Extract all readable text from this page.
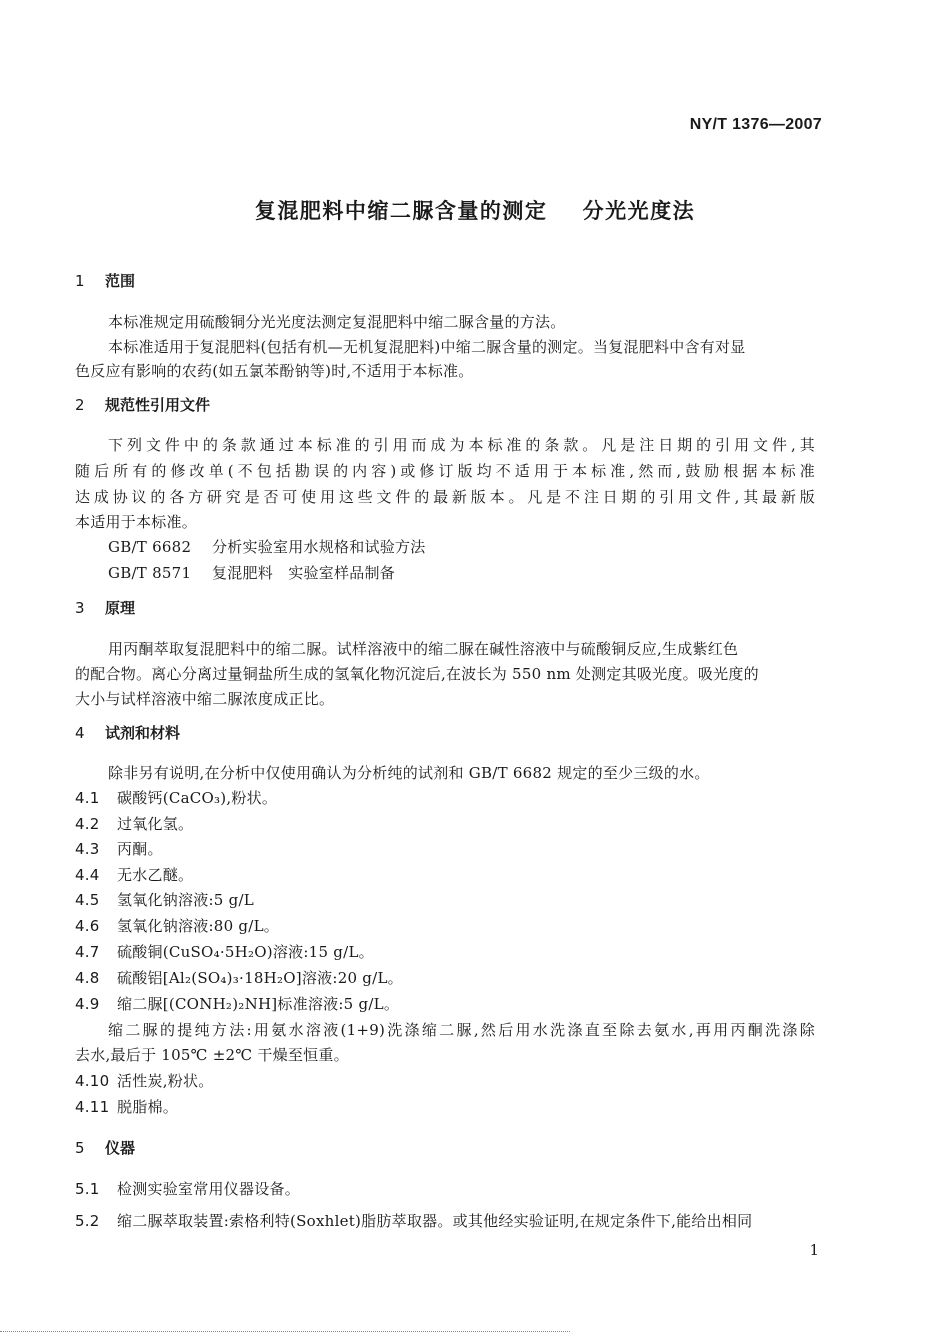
NY/T 1376—2007
复混肥料中缩二脲含量的测定    分光光度法
1 范围
本标准规定用硫酸铜分光光度法测定复混肥料中缩二脲含量的方法。
本标准适用于复混肥料(包括有机—无机复混肥料)中缩二脲含量的测定。当复混肥料中含有对显
色反应有影响的农药(如五氯苯酚钠等)时,不适用于本标准。
2 规范性引用文件
下列文件中的条款通过本标准的引用而成为本标准的条款。凡是注日期的引用文件,其
随后所有的修改单(不包括勘误的内容)或修订版均不适用于本标准,然而,鼓励根据本标准
达成协议的各方研究是否可使用这些文件的最新版本。凡是不注日期的引用文件,其最新版
本适用于本标准。
GB/T 6682 分析实验室用水规格和试验方法
GB/T 8571 复混肥料　实验室样品制备
3 原理
用丙酮萃取复混肥料中的缩二脲。试样溶液中的缩二脲在碱性溶液中与硫酸铜反应,生成紫红色
的配合物。离心分离过量铜盐所生成的氢氧化物沉淀后,在波长为 550 nm 处测定其吸光度。吸光度的
大小与试样溶液中缩二脲浓度成正比。
4 试剂和材料
除非另有说明,在分析中仅使用确认为分析纯的试剂和 GB/T 6682 规定的至少三级的水。
4.1 碳酸钙(CaCO₃),粉状。
4.2 过氧化氢。
4.3 丙酮。
4.4 无水乙醚。
4.5 氢氧化钠溶液:5 g/L
4.6 氢氧化钠溶液:80 g/L。
4.7 硫酸铜(CuSO₄·5H₂O)溶液:15 g/L。
4.8 硫酸铝[Al₂(SO₄)₃·18H₂O]溶液:20 g/L。
4.9 缩二脲[(CONH₂)₂NH]标准溶液:5 g/L。
缩二脲的提纯方法:用氨水溶液(1+9)洗涤缩二脲,然后用水洗涤直至除去氨水,再用丙酮洗涤除
去水,最后于 105℃ ±2℃ 干燥至恒重。
4.10 活性炭,粉状。
4.11 脱脂棉。
5 仪器
5.1 检测实验室常用仪器设备。
5.2 缩二脲萃取装置:索格利特(Soxhlet)脂肪萃取器。或其他经实验证明,在规定条件下,能给出相同
1
